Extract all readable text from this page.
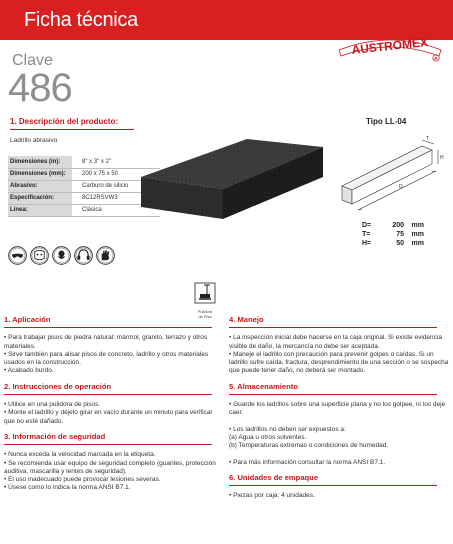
Ficha técnica
AUSTROMEX
R
Clave
486
1. Descripción del producto:
Ladrillo abrasivo
Dimensiones (in):	8" x 3" x 2"
Dimensiones (mm):	200 x 75 x 50
Abrasivo:	Carburo de silicio
Especificación:	8C12RSVW3
Línea:	Clásica
Tipo LL-04
D
T
H
D=	200	mm
T=	75	mm
H=	50	mm
Pulidora
de Piso
1. Aplicación
• Para trabajar pisos de piedra natural: mármol, granito, terrazo y otros materiales.
• Sirve también para alisar pisos de concreto, ladrillo y otros materiales usados en la construcción.
• Acabado burdo.
2. Instrucciones de operación
• Utilice en una pulidora de pisos.
• Monte el ladrillo y déjelo girar en vacío durante un minuto para verificar que no esté dañado.
3. Información de seguridad
• Nunca exceda la velocidad marcada en la etiqueta.
• Se recomienda usar equipo de seguridad completo (guantes, protección auditiva, mascarilla y lentes de seguridad).
• El uso inadecuado puede provocar lesiones severas.
• Úsese como lo indica la norma ANSI B7.1.
4. Manejo
• La inspección inicial debe hacerse en la caja original. Si existe evidencia visible de daño, la mercancía no debe ser aceptada.
• Maneje el ladrillo con precaución para prevenir golpes o caídas. Si un ladrillo sufre caída, fractura, desprendimiento de una sección o se sospecha que puede tener daño, no deberá ser montado.
5. Almacenamiento
• Guarde los ladrillos sobre una superficie plana y no los golpee, ni los deje caer.
• Los ladrillos no deben ser expuestos a:
(a) Agua u otros solventes.
(b) Temperaturas extremas o condiciones de humedad.
• Para más información consultar la norma ANSI B7.1.
6. Unidades de empaque
• Piezas por caja: 4 unidades.
